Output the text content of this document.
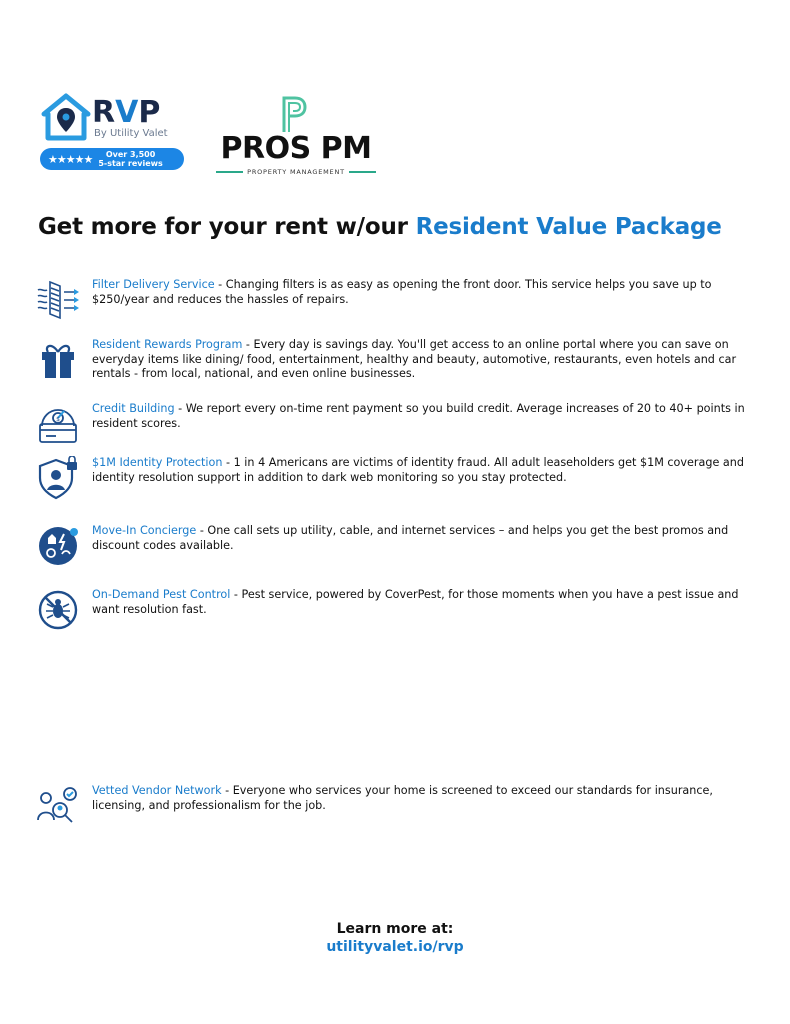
RVP
By Utility Valet
★★★★★	Over 3,500
5-star reviews PROS PM
PROPERTY MANAGEMENT
Get more for your rent w/our Resident Value Package
Filter Delivery Service - Changing filters is as easy as opening the front door. This service helps you save up to $250/year and reduces the hassles of repairs.
Resident Rewards Program - Every day is savings day. You'll get access to an online portal where you can save on everyday items like dining/ food, entertainment, healthy and beauty, automotive, restaurants, even hotels and car rentals - from local, national, and even online businesses.
$
Credit Building - We report every on-time rent payment so you build credit. Average increases of 20 to 40+ points in resident scores.
$1M Identity Protection - 1 in 4 Americans are victims of identity fraud. All adult leaseholders get $1M coverage and identity resolution support in addition to dark web monitoring so you stay protected.
Move-In Concierge - One call sets up utility, cable, and internet services – and helps you get the best promos and discount codes available.
On-Demand Pest Control - Pest service, powered by CoverPest, for those moments when you have a pest issue and want resolution fast.
Vetted Vendor Network - Everyone who services your home is screened to exceed our standards for insurance, licensing, and professionalism for the job.
Learn more at:
utilityvalet.io/rvp
